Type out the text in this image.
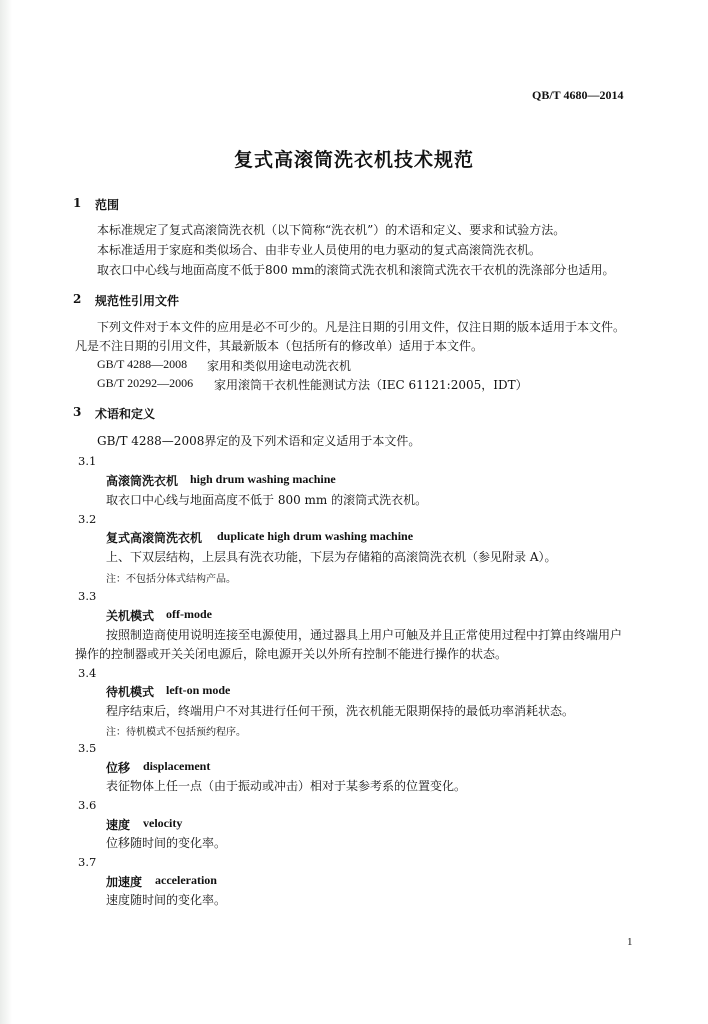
QB/T 4680—2014
复式高滚筒洗衣机技术规范
1 范围
本标准规定了复式高滚筒洗衣机（以下简称“洗衣机”）的术语和定义、要求和试验方法。
本标准适用于家庭和类似场合、由非专业人员使用的电力驱动的复式高滚筒洗衣机。
取衣口中心线与地面高度不低于800 mm的滚筒式洗衣机和滚筒式洗衣干衣机的洗涤部分也适用。
2 规范性引用文件
下列文件对于本文件的应用是必不可少的。凡是注日期的引用文件，仅注日期的版本适用于本文件。
凡是不注日期的引用文件，其最新版本（包括所有的修改单）适用于本文件。
GB/T 4288—2008 家用和类似用途电动洗衣机
GB/T 20292—2006 家用滚筒干衣机性能测试方法（IEC 61121:2005，IDT）
3 术语和定义
GB/T 4288—2008界定的及下列术语和定义适用于本文件。
3.1
高滚筒洗衣机 high drum washing machine
取衣口中心线与地面高度不低于 800 mm 的滚筒式洗衣机。
3.2
复式高滚筒洗衣机 duplicate high drum washing machine
上、下双层结构，上层具有洗衣功能，下层为存储箱的高滚筒洗衣机（参见附录 A）。
注：不包括分体式结构产品。
3.3
关机模式 off-mode
按照制造商使用说明连接至电源使用，通过器具上用户可触及并且正常使用过程中打算由终端用户
操作的控制器或开关关闭电源后，除电源开关以外所有控制不能进行操作的状态。
3.4
待机模式 left-on mode
程序结束后，终端用户不对其进行任何干预，洗衣机能无限期保持的最低功率消耗状态。
注：待机模式不包括预约程序。
3.5
位移 displacement
表征物体上任一点（由于振动或冲击）相对于某参考系的位置变化。
3.6
速度 velocity
位移随时间的变化率。
3.7
加速度 acceleration
速度随时间的变化率。
1
